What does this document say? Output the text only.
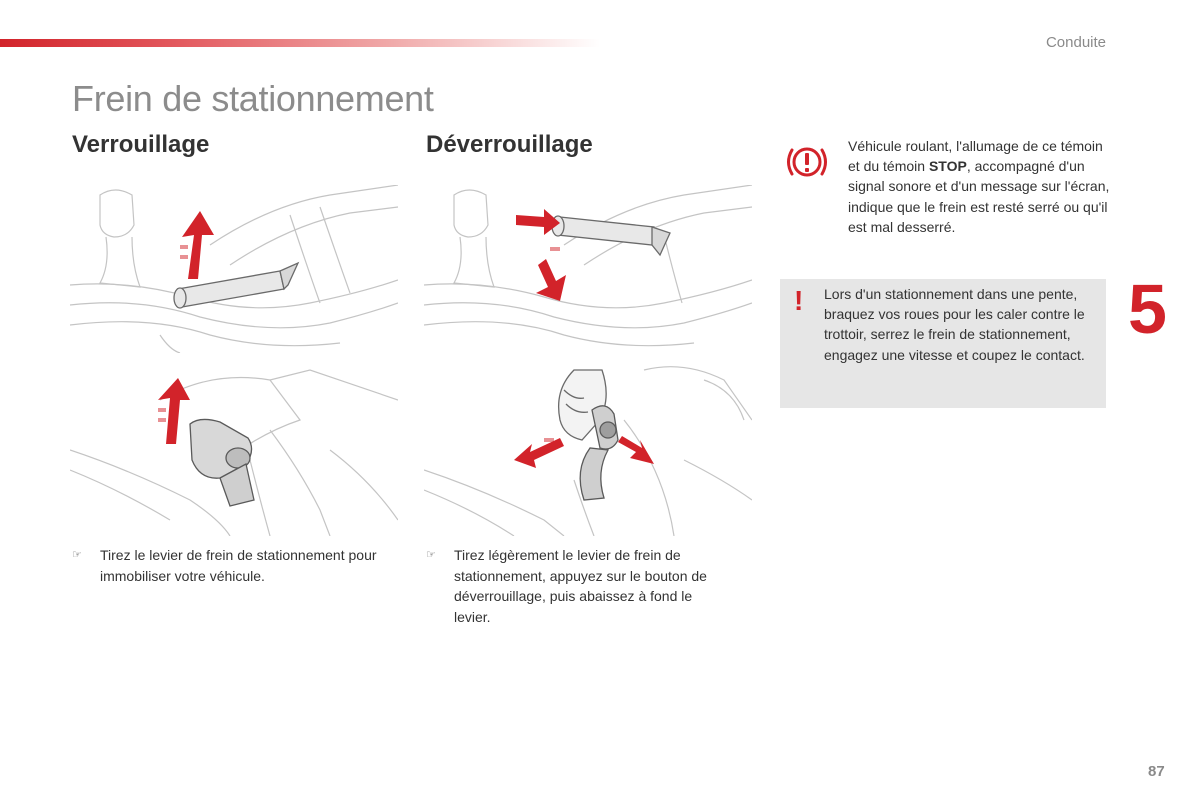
Conduite
Frein de stationnement
Verrouillage	Déverrouillage
☞ Tirez le levier de frein de stationnement pour immobiliser votre véhicule.
☞ Tirez légèrement le levier de frein de stationnement, appuyez sur le bouton de déverrouillage, puis abaissez à fond le levier.
Véhicule roulant, l'allumage de ce témoin et du témoin STOP, accompagné d'un signal sonore et d'un message sur l'écran, indique que le frein est resté serré ou qu'il est mal desserré.
! Lors d'un stationnement dans une pente, braquez vos roues pour les caler contre le trottoir, serrez le frein de stationnement, engagez une vitesse et coupez le contact.
5
87
